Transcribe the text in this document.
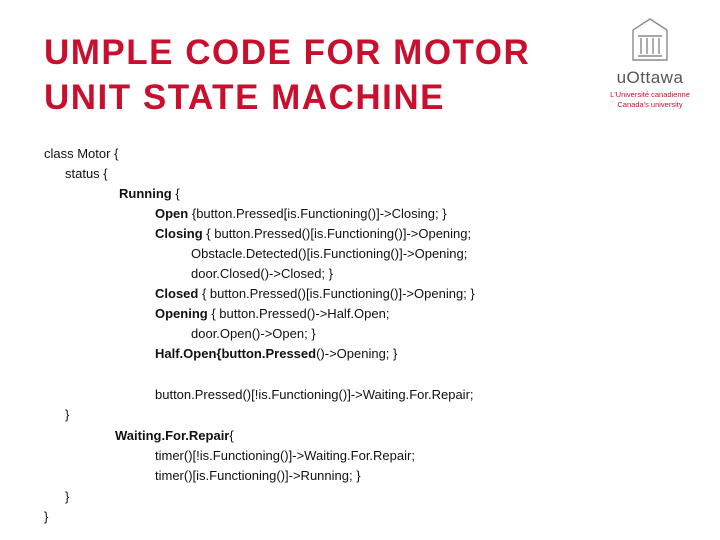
UMPLE CODE FOR MOTOR
UNIT STATE MACHINE
uOttawa
L'Université canadienne
Canada's university
class Motor {
status {
Running {
Open {button.Pressed[is.Functioning()]->Closing; }
Closing { button.Pressed()[is.Functioning()]->Opening;
Obstacle.Detected()[is.Functioning()]->Opening;
door.Closed()->Closed; }
Closed { button.Pressed()[is.Functioning()]->Opening; }
Opening { button.Pressed()->Half.Open;
door.Open()->Open; }
Half.Open{button.Pressed()->Opening; }
button.Pressed()[!is.Functioning()]->Waiting.For.Repair;
}
Waiting.For.Repair{
timer()[!is.Functioning()]->Waiting.For.Repair;
timer()[is.Functioning()]->Running; }
}
}
